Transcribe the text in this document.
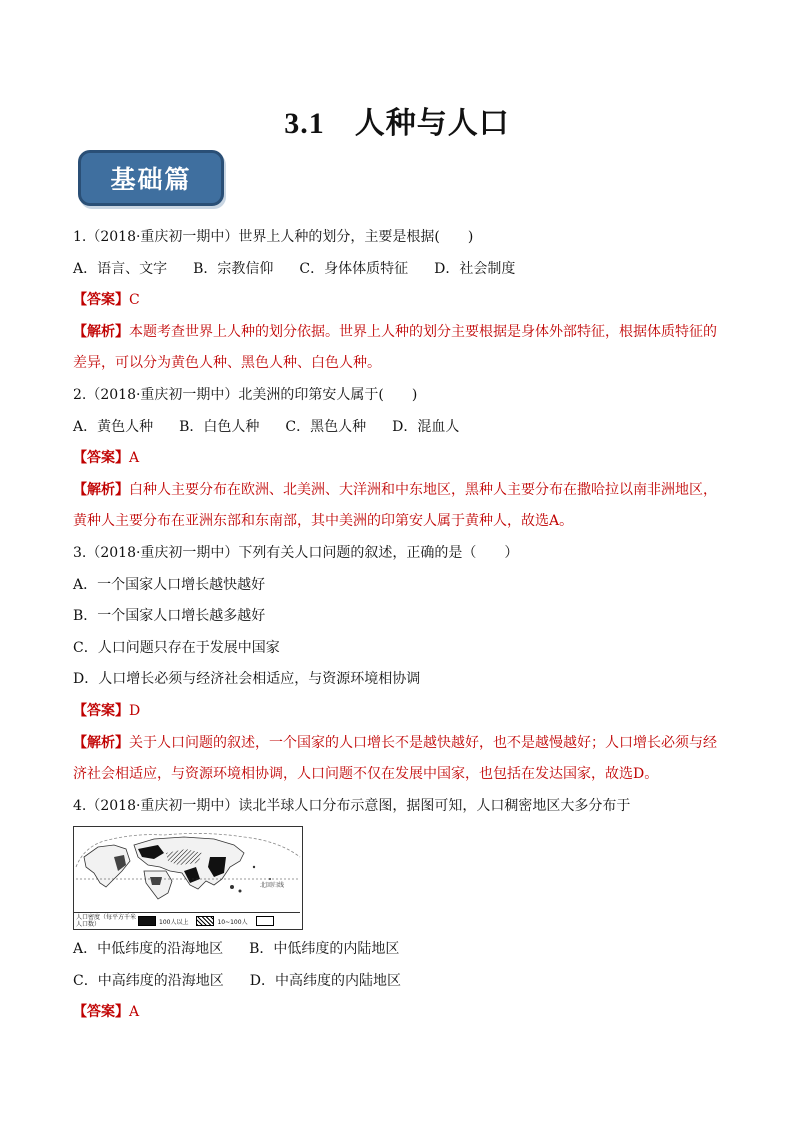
3.1 人种与人口
基础篇
1.（2018·重庆初一期中）世界上人种的划分，主要是根据(　　)
A．语言、文字 B．宗教信仰 C．身体体质特征 D．社会制度
【答案】C
【解析】本题考查世界上人种的划分依据。世界上人种的划分主要根据是身体外部特征，根据体质特征的
差异，可以分为黄色人种、黑色人种、白色人种。
2.（2018·重庆初一期中）北美洲的印第安人属于(　　)
A．黄色人种 B．白色人种 C．黑色人种 D．混血人
【答案】A
【解析】白种人主要分布在欧洲、北美洲、大洋洲和中东地区，黑种人主要分布在撒哈拉以南非洲地区，
黄种人主要分布在亚洲东部和东南部，其中美洲的印第安人属于黄种人，故选A。
3.（2018·重庆初一期中）下列有关人口问题的叙述，正确的是（　　）
A．一个国家人口增长越快越好
B．一个国家人口增长越多越好
C．人口问题只存在于发展中国家
D．人口增长必须与经济社会相适应，与资源环境相协调
【答案】D
【解析】关于人口问题的叙述，一个国家的人口增长不是越快越好，也不是越慢越好；人口增长必须与经
济社会相适应，与资源环境相协调，人口问题不仅在发展中国家，也包括在发达国家，故选D。
4.（2018·重庆初一期中）读北半球人口分布示意图，据图可知，人口稠密地区大多分布于
北回归线
人口密度（每平方千米人口数）	100人以上	10~100人
A．中低纬度的沿海地区 B．中低纬度的内陆地区
C．中高纬度的沿海地区 D．中高纬度的内陆地区
【答案】A
